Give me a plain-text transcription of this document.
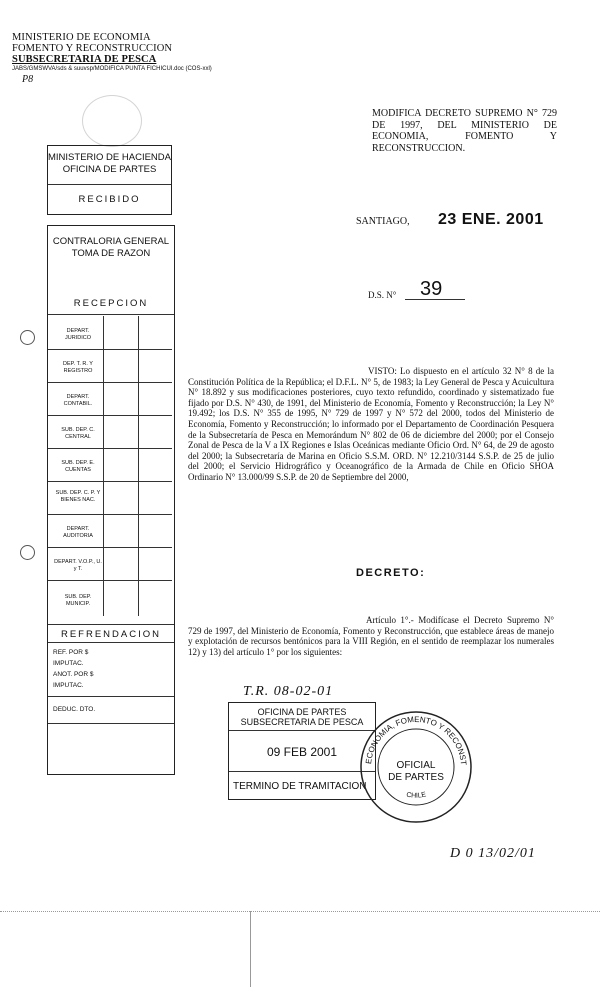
MINISTERIO DE ECONOMIA
FOMENTO Y RECONSTRUCCION
SUBSECRETARIA DE PESCA
JABS/GMSWVA/sds & suuvsp/MODIFICA PUNTA FICHICUI.doc (COS-xxl)
P8
MODIFICA DECRETO SUPREMO N° 729 DE 1997, DEL MINISTERIO DE ECONOMIA, FOMENTO Y RECONSTRUCCION.
MINISTERIO DE HACIENDA
OFICINA DE PARTES
RECIBIDO
CONTRALORIA GENERAL
TOMA DE RAZON
RECEPCION
DEPART. JURIDICO
DEP. T. R. Y REGISTRO
DEPART. CONTABIL.
SUB. DEP. C. CENTRAL
SUB. DEP. E. CUENTAS
SUB. DEP. C. P. Y BIENES NAC.
DEPART. AUDITORIA
DEPART. V.O.P., U. y T.
SUB. DEP. MUNICIP.
REFRENDACION
REF. POR $
IMPUTAC.
ANOT. POR $
IMPUTAC.
DEDUC. DTO.
SANTIAGO, 23 ENE. 2001
D.S. N° 39
VISTO: Lo dispuesto en el artículo 32 N° 8 de la Constitución Política de la República; el D.F.L. N° 5, de 1983; la Ley General de Pesca y Acuicultura N° 18.892 y sus modificaciones posteriores, cuyo texto refundido, coordinado y sistematizado fue fijado por D.S. N° 430, de 1991, del Ministerio de Economía, Fomento y Reconstrucción; la Ley N° 19.492; los D.S. N° 355 de 1995, N° 729 de 1997 y N° 572 del 2000, todos del Ministerio de Economía, Fomento y Reconstrucción; lo informado por el Departamento de Coordinación Pesquera de la Subsecretaría de Pesca en Memorándum N° 802 de 06 de diciembre del 2000; por el Consejo Zonal de Pesca de la V a IX Regiones e Islas Oceánicas mediante Oficio Ord. N° 64, de 29 de agosto del 2000; la Subsecretaría de Marina en Oficio S.S.M. ORD. N° 12.210/3144 S.S.P. de 25 de julio del 2000; el Servicio Hidrográfico y Oceanográfico de la Armada de Chile en Oficio SHOA Ordinario N° 13.000/99 S.S.P. de 20 de Septiembre del 2000,
DECRETO:
Artículo 1°.- Modifícase el Decreto Supremo N° 729 de 1997, del Ministerio de Economía, Fomento y Reconstrucción, que establece áreas de manejo y explotación de recursos bentónicos para la VIII Región, en el sentido de reemplazar los numerales 12) y 13) del artículo 1° por los siguientes:
T.R. 08-02-01
OFICINA DE PARTES
SUBSECRETARIA DE PESCA
09 FEB 2001
TERMINO DE TRAMITACION
ECONOMIA, FOMENTO Y RECONST
CHILE
OFICIAL
DE PARTES
D 0 13/02/01
